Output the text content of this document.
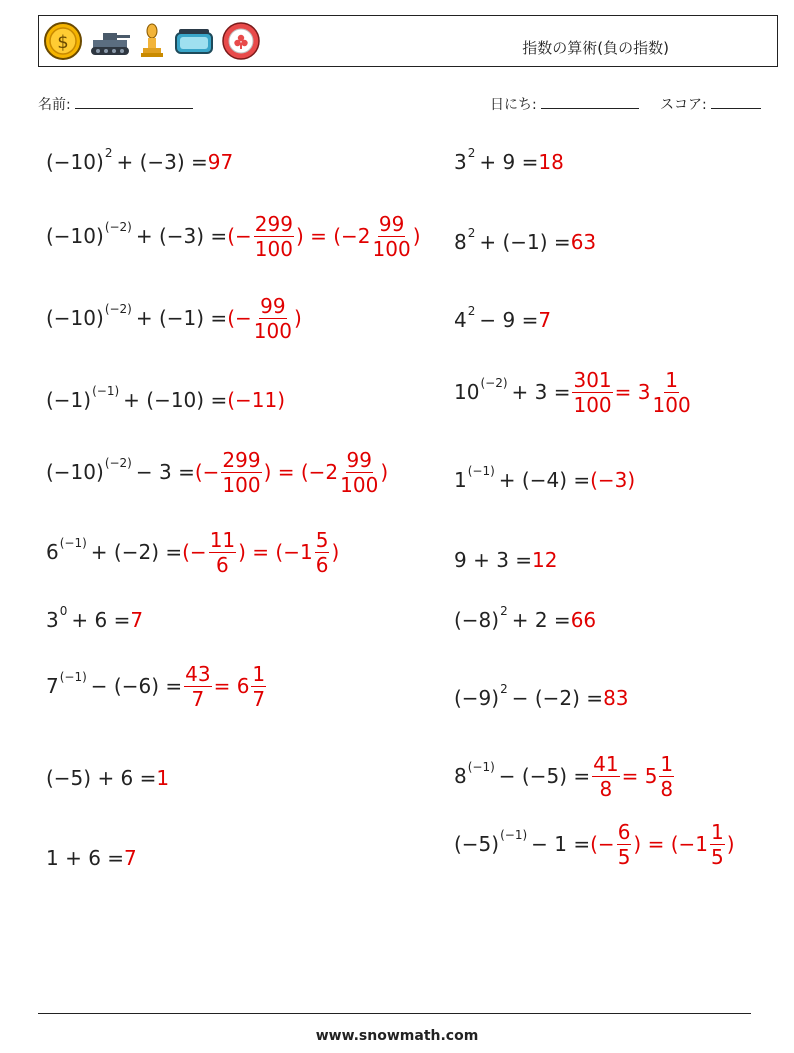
$	指数の算術(負の指数)
名前:	日にち:	スコア:
$(-10)^2 + (-3) = 97$
$(-10)^{(-2)} + (-3)$ = (− $\frac{299}{100}$ ) = ($-2 \frac{99}{100}$ )
$(-10)^{(-2)} + (-1)$ = (− $\frac{99}{100}$ )
$(-1)^{(-1)} + (-10) = (-11)$
$(-10)^{(-2)} - 3$ = (− $\frac{299}{100}$ ) = ($-2 \frac{99}{100}$ )
$6^{(-1)} + (-2)$ = (− $\frac{11}{6}$ ) = ($-1 \frac{5}{6}$ )
$3^0 + 6 = 7$
$7^{(-1)} - (-6) = \frac{43}{7} = 6 \frac{1}{7}$
(−5) + 6 = 1
1 + 6 = 7
$3^2 + 9 = 18$
$8^2 + (-1) = 63$
$4^2 - 9 = 7$
$10^{(-2)} + 3 = \frac{301}{100} = 3 \frac{1}{100}$
$1^{(-1)} + (-4) = (-3)$
9 + 3 = 12
$(-8)^2 + 2 = 66$
$(-9)^2 - (-2) = 83$
$8^{(-1)} - (-5) = \frac{41}{8} = 5 \frac{1}{8}$
$(-5)^{(-1)} - 1$ = (− $\frac{6}{5}$ ) = ($-1 \frac{1}{5}$ )
www.snowmath.com
